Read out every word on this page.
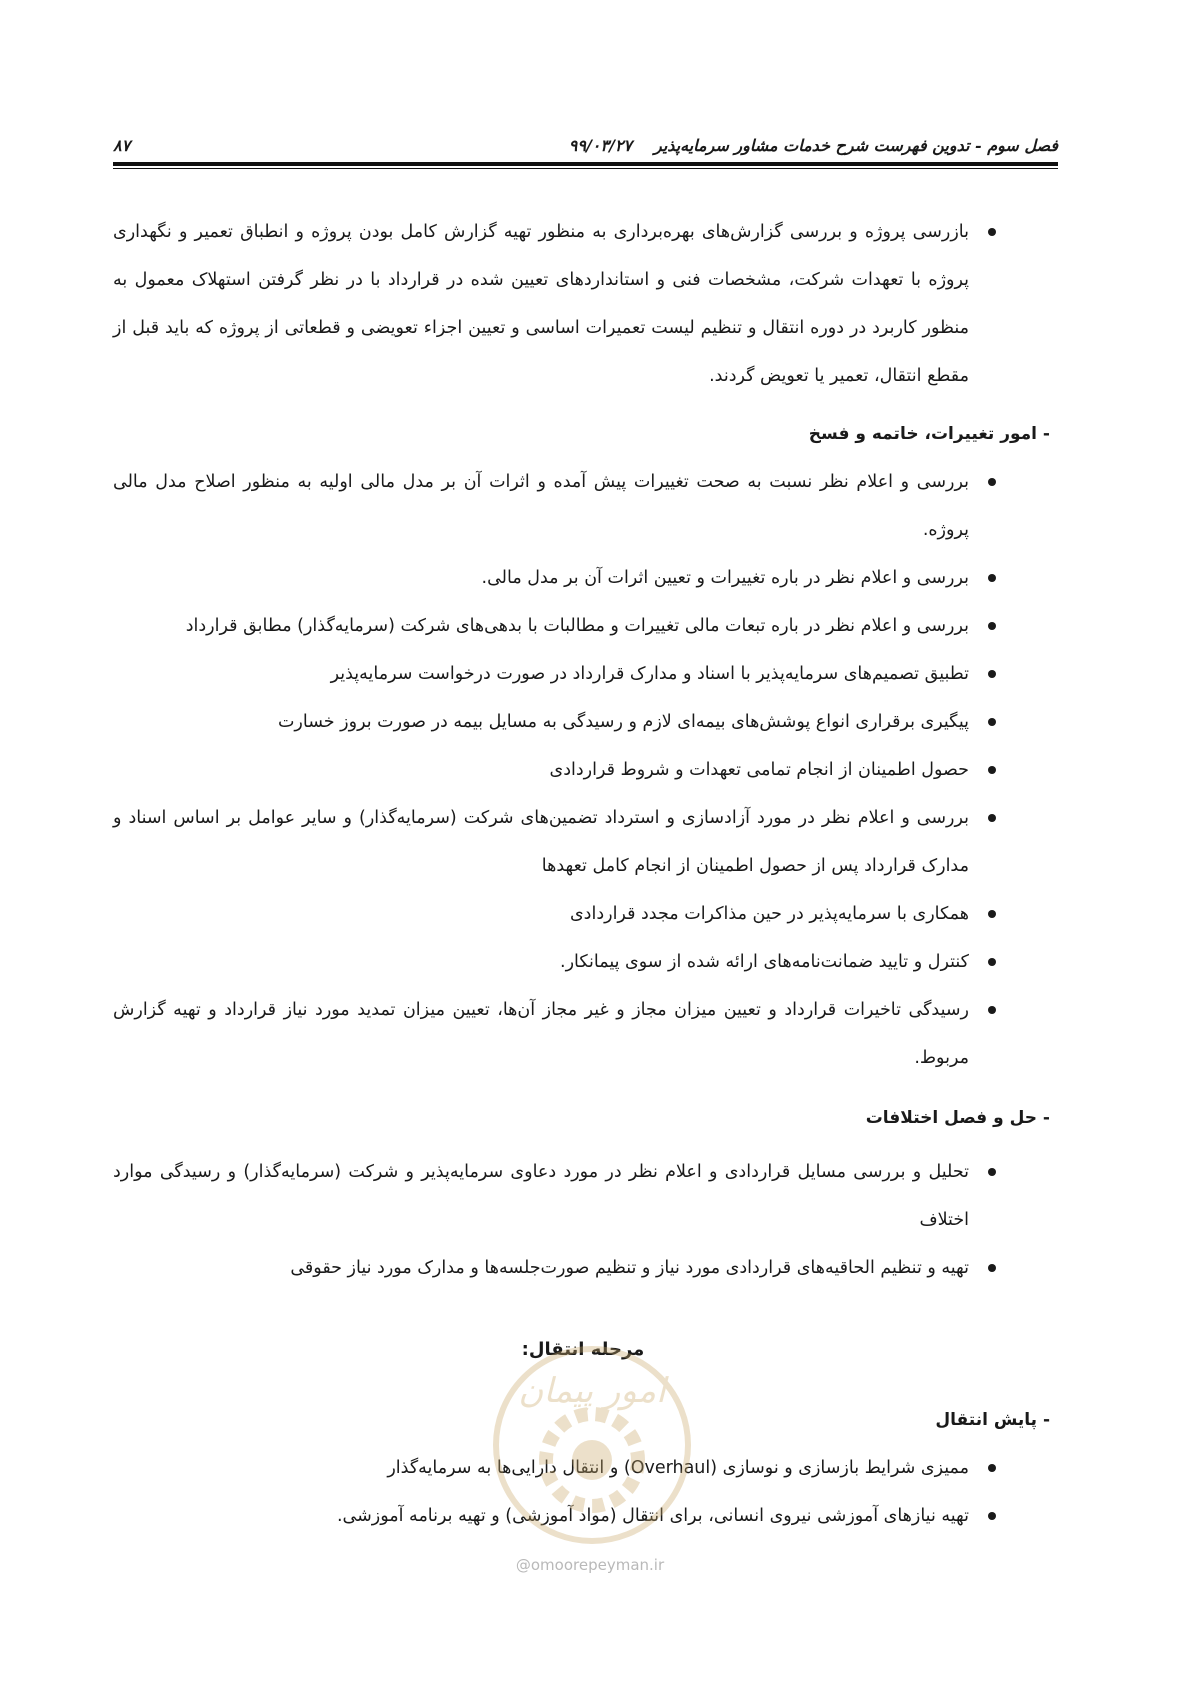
فصل سوم - تدوین فهرست شرح خدمات مشاور سرمایه‌پذیر۹۹/۰۳/۲۷
۸۷
بازرسی پروژه و بررسی گزارش‌های بهره‌برداری به منظور تهیه گزارش کامل بودن پروژه و انطباق تعمیر و نگهداری پروژه با تعهدات شرکت، مشخصات فنی و استانداردهای تعیین شده در قرارداد با در نظر گرفتن استهلاک معمول به منظور کاربرد در دوره انتقال و تنظیم لیست تعمیرات اساسی و تعیین اجزاء تعویضی و قطعاتی از پروژه که باید قبل از مقطع انتقال، تعمیر یا تعویض گردند.
- امور تغییرات، خاتمه و فسخ
بررسی و اعلام نظر نسبت به صحت تغییرات پیش آمده و اثرات آن بر مدل مالی اولیه به منظور اصلاح مدل مالی پروژه.
بررسی و اعلام نظر در باره تغییرات و تعیین اثرات آن بر مدل مالی.
بررسی و اعلام نظر در باره تبعات مالی تغییرات و مطالبات با بدهی‌های شرکت (سرمایه‌گذار) مطابق قرارداد
تطبیق تصمیم‌های سرمایه‌پذیر با اسناد و مدارک قرارداد در صورت درخواست سرمایه‌پذیر
پیگیری برقراری انواع پوشش‌های بیمه‌ای لازم و رسیدگی به مسایل بیمه در صورت بروز خسارت
حصول اطمینان از انجام تمامی تعهدات و شروط قراردادی
بررسی و اعلام نظر در مورد آزادسازی و استرداد تضمین‌های شرکت (سرمایه‌گذار) و سایر عوامل بر اساس اسناد و مدارک قرارداد پس از حصول اطمینان از انجام کامل تعهدها
همکاری با سرمایه‌پذیر در حین مذاکرات مجدد قراردادی
کنترل و تایید ضمانت‌نامه‌های ارائه شده از سوی پیمانکار.
رسیدگی تاخیرات قرارداد و تعیین میزان مجاز و غیر مجاز آن‌ها، تعیین میزان تمدید مورد نیاز قرارداد و تهیه گزارش مربوط.
- حل و فصل اختلافات
تحلیل و بررسی مسایل قراردادی و اعلام نظر در مورد دعاوی سرمایه‌پذیر و شرکت (سرمایه‌گذار) و رسیدگی موارد اختلاف
تهیه و تنظیم الحاقیه‌های قراردادی مورد نیاز و تنظیم صورت‌جلسه‌ها و مدارک مورد نیاز حقوقی
مرحله انتقال:
- پایش انتقال
ممیزی شرایط بازسازی و نوسازی (Overhaul) و انتقال دارایی‌ها به سرمایه‌گذار
تهیه نیازهای آموزشی نیروی انسانی، برای انتقال (مواد آموزشی) و تهیه برنامه آموزشی.
امور پیمان
@omoorepeyman.ir
